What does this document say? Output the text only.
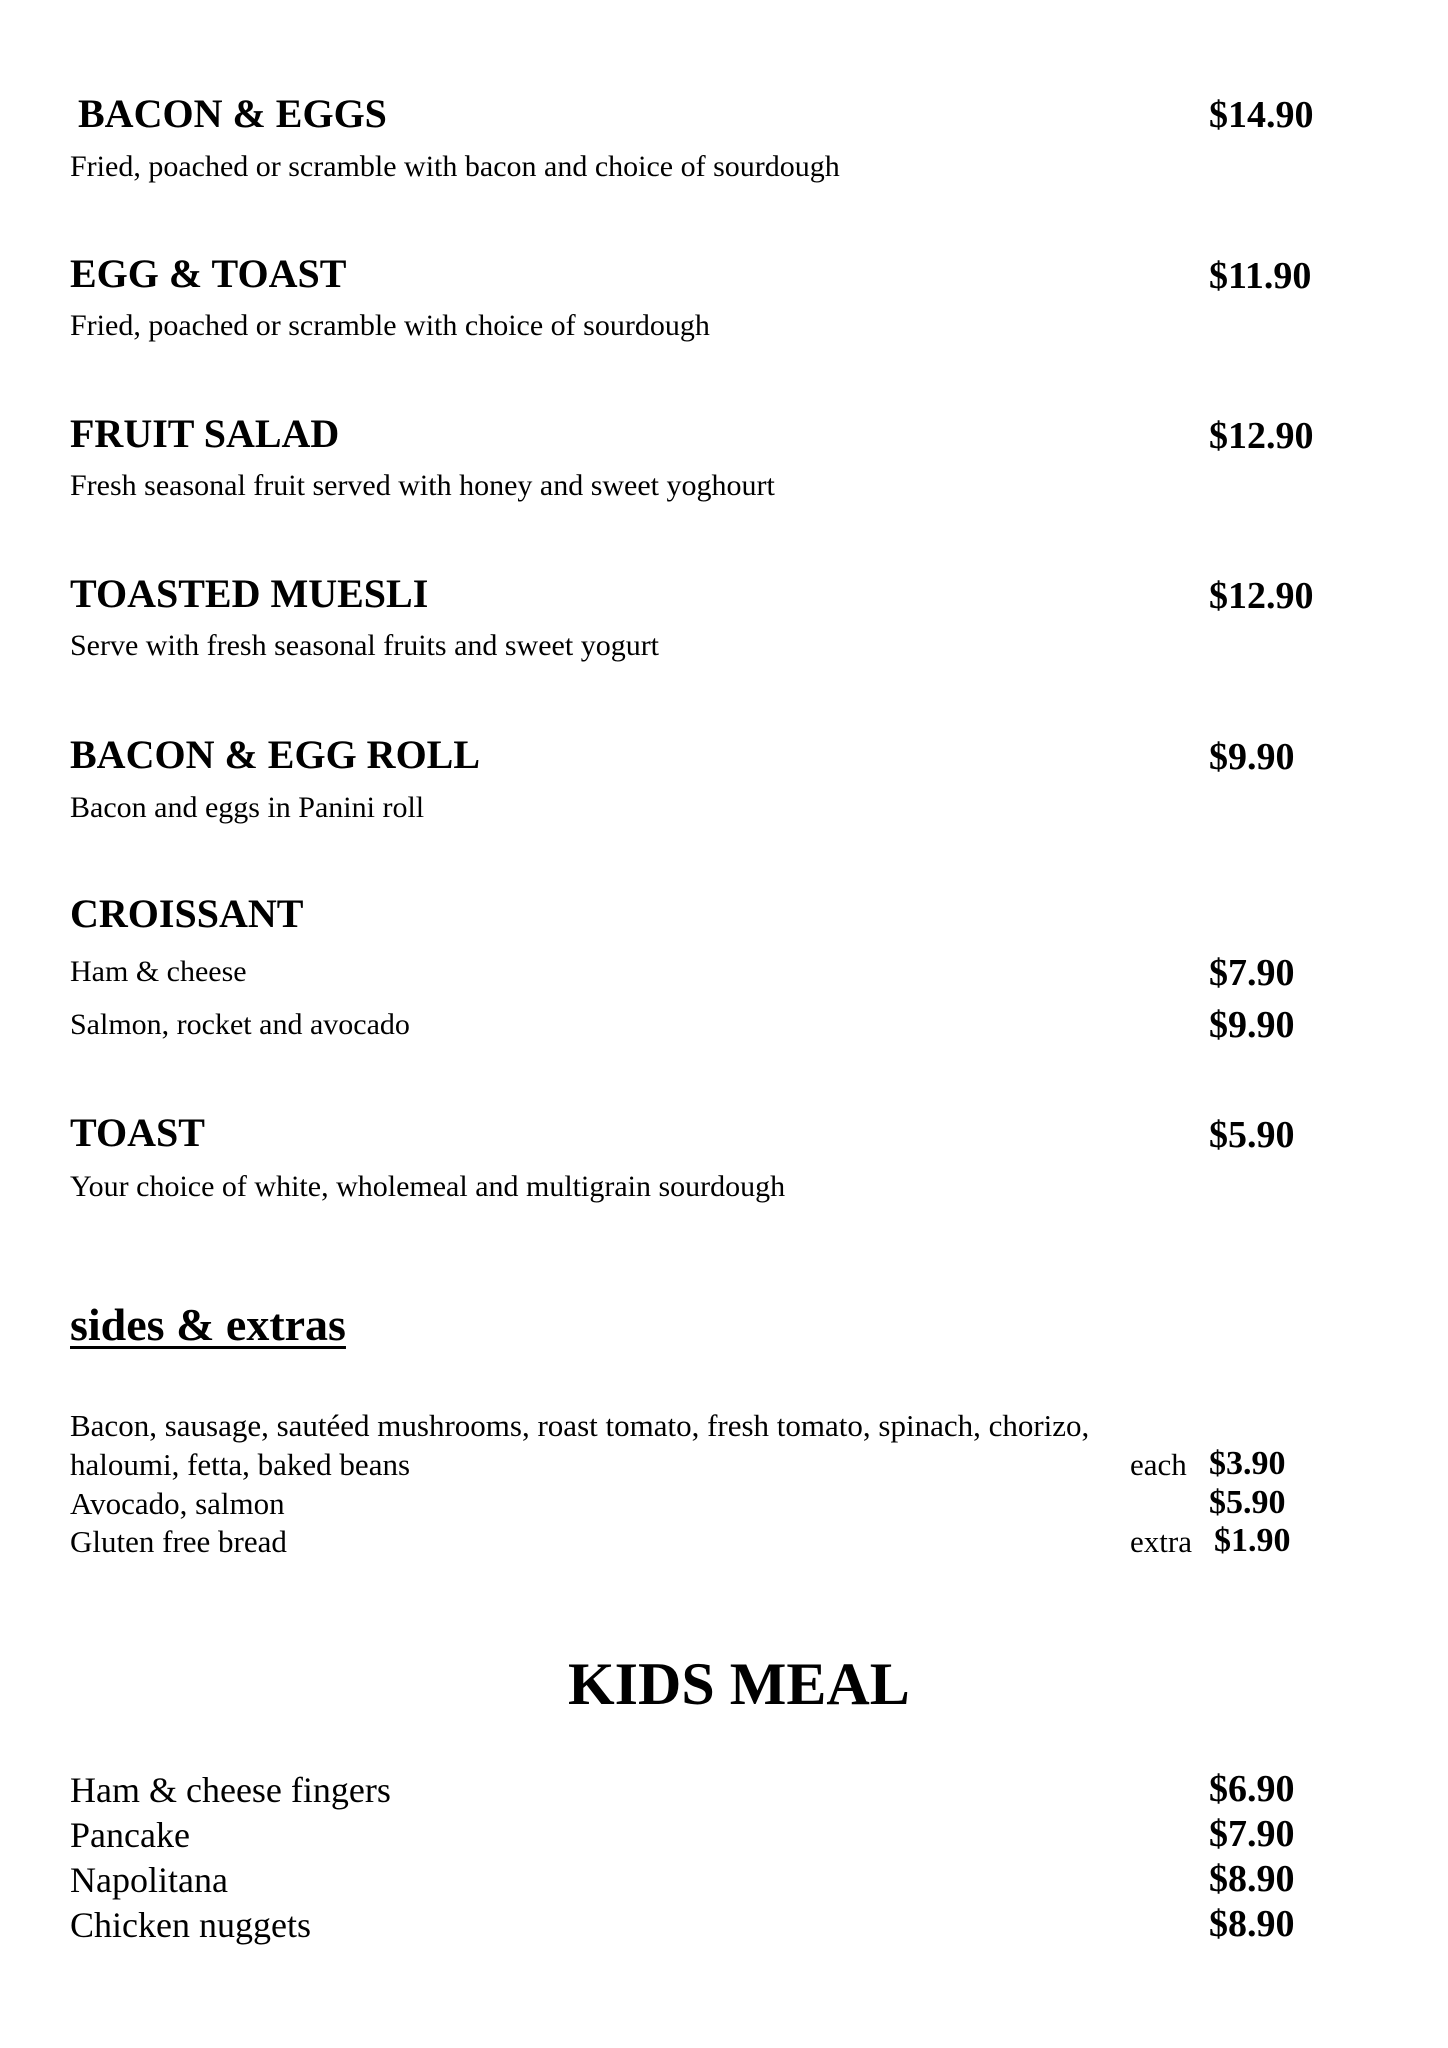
BACON & EGGS	$14.90
Fried, poached or scramble with bacon and choice of sourdough
EGG & TOAST	$11.90
Fried, poached or scramble with choice of sourdough
FRUIT SALAD	$12.90
Fresh seasonal fruit served with honey and sweet yoghourt
TOASTED MUESLI	$12.90
Serve with fresh seasonal fruits and sweet yogurt
BACON & EGG ROLL	$9.90
Bacon and eggs in Panini roll
CROISSANT
Ham & cheese	$7.90
Salmon, rocket and avocado	$9.90
TOAST	$5.90
Your choice of white, wholemeal and multigrain sourdough
sides & extras
Bacon, sausage, sautéed mushrooms, roast tomato, fresh tomato, spinach, chorizo,
haloumi, fetta, baked beans	each $3.90
Avocado, salmon	$5.90
Gluten free bread	extra $1.90
KIDS MEAL
Ham & cheese fingers	$6.90
Pancake	$7.90
Napolitana	$8.90
Chicken nuggets	$8.90
